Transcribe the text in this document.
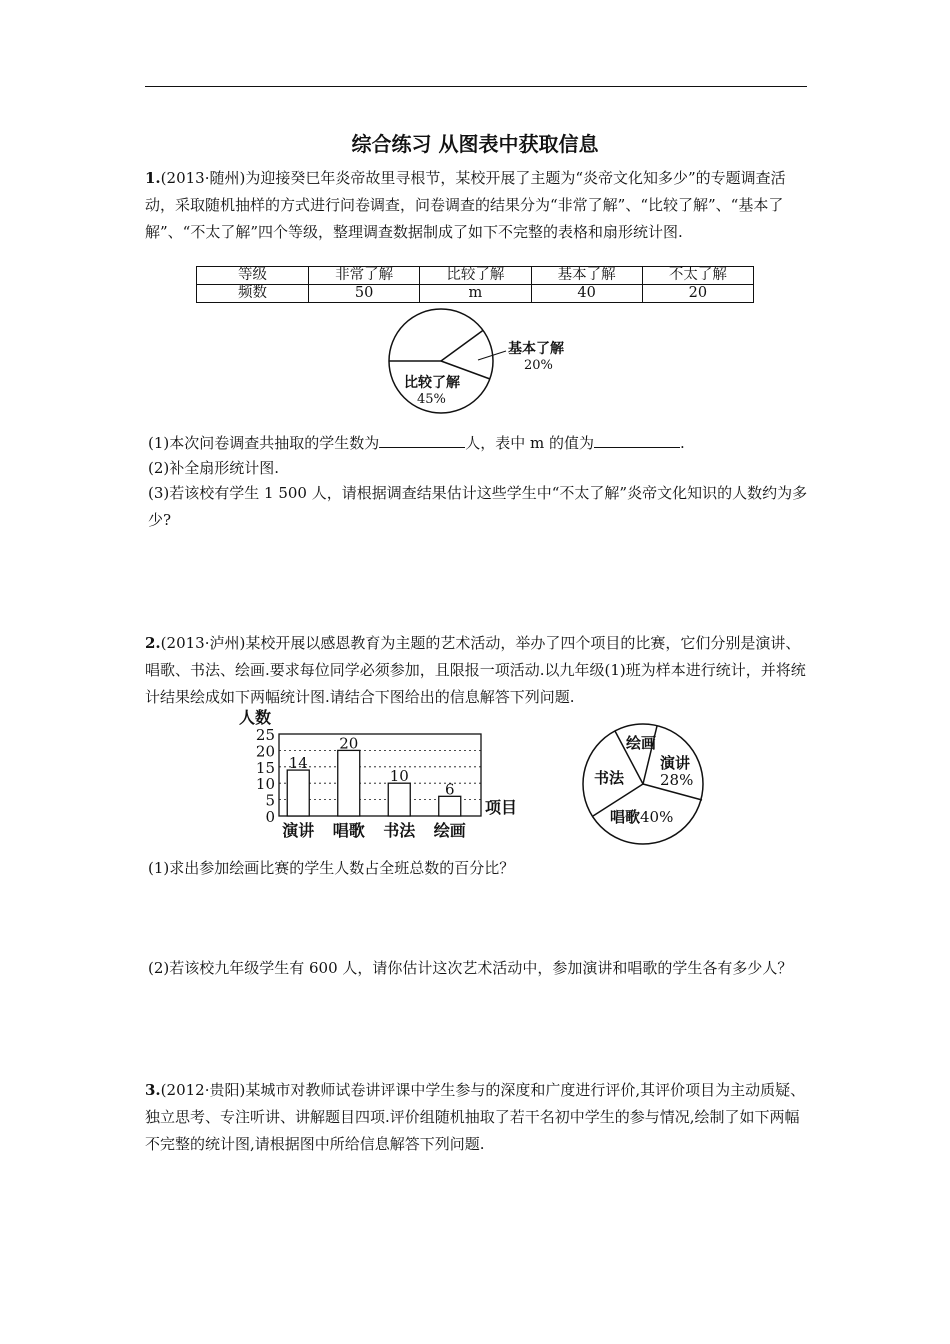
综合练习 从图表中获取信息

1.(2013·随州)为迎接癸巳年炎帝故里寻根节，某校开展了主题为“炎帝文化知多少”的专题调查活动，采取随机抽样的方式进行问卷调查，问卷调查的结果分为“非常了解”、“比较了解”、“基本了解”、“不太了解”四个等级，整理调查数据制成了如下不完整的表格和扇形统计图.

等级	非常了解	比较了解	基本了解	不太了解
频数	50	m	40	20
基本了解
20%
比较了解
45%

(1)本次问卷调查共抽取的学生数为	人，表中 m 的值为	.

(2)补全扇形统计图.

(3)若该校有学生 1 500 人，请根据调查结果估计这些学生中“不太了解”炎帝文化知识的人数约为多少?

2.(2013·泸州)某校开展以感恩教育为主题的艺术活动，举办了四个项目的比赛，它们分别是演讲、唱歌、书法、绘画.要求每位同学必须参加，且限报一项活动.以九年级(1)班为样本进行统计，并将统计结果绘成如下两幅统计图.请结合下图给出的信息解答下列问题.

人数
0
5
10
15
20
25
14
演讲
20
唱歌
10
书法
6
绘画
项目
绘画
演讲
28%
书法
唱歌 40%

(1)求出参加绘画比赛的学生人数占全班总数的百分比？

(2)若该校九年级学生有 600 人，请你估计这次艺术活动中，参加演讲和唱歌的学生各有多少人？

3.(2012·贵阳)某城市对教师试卷讲评课中学生参与的深度和广度进行评价,其评价项目为主动质疑、独立思考、专注听讲、讲解题目四项.评价组随机抽取了若干名初中学生的参与情况,绘制了如下两幅不完整的统计图,请根据图中所给信息解答下列问题.
